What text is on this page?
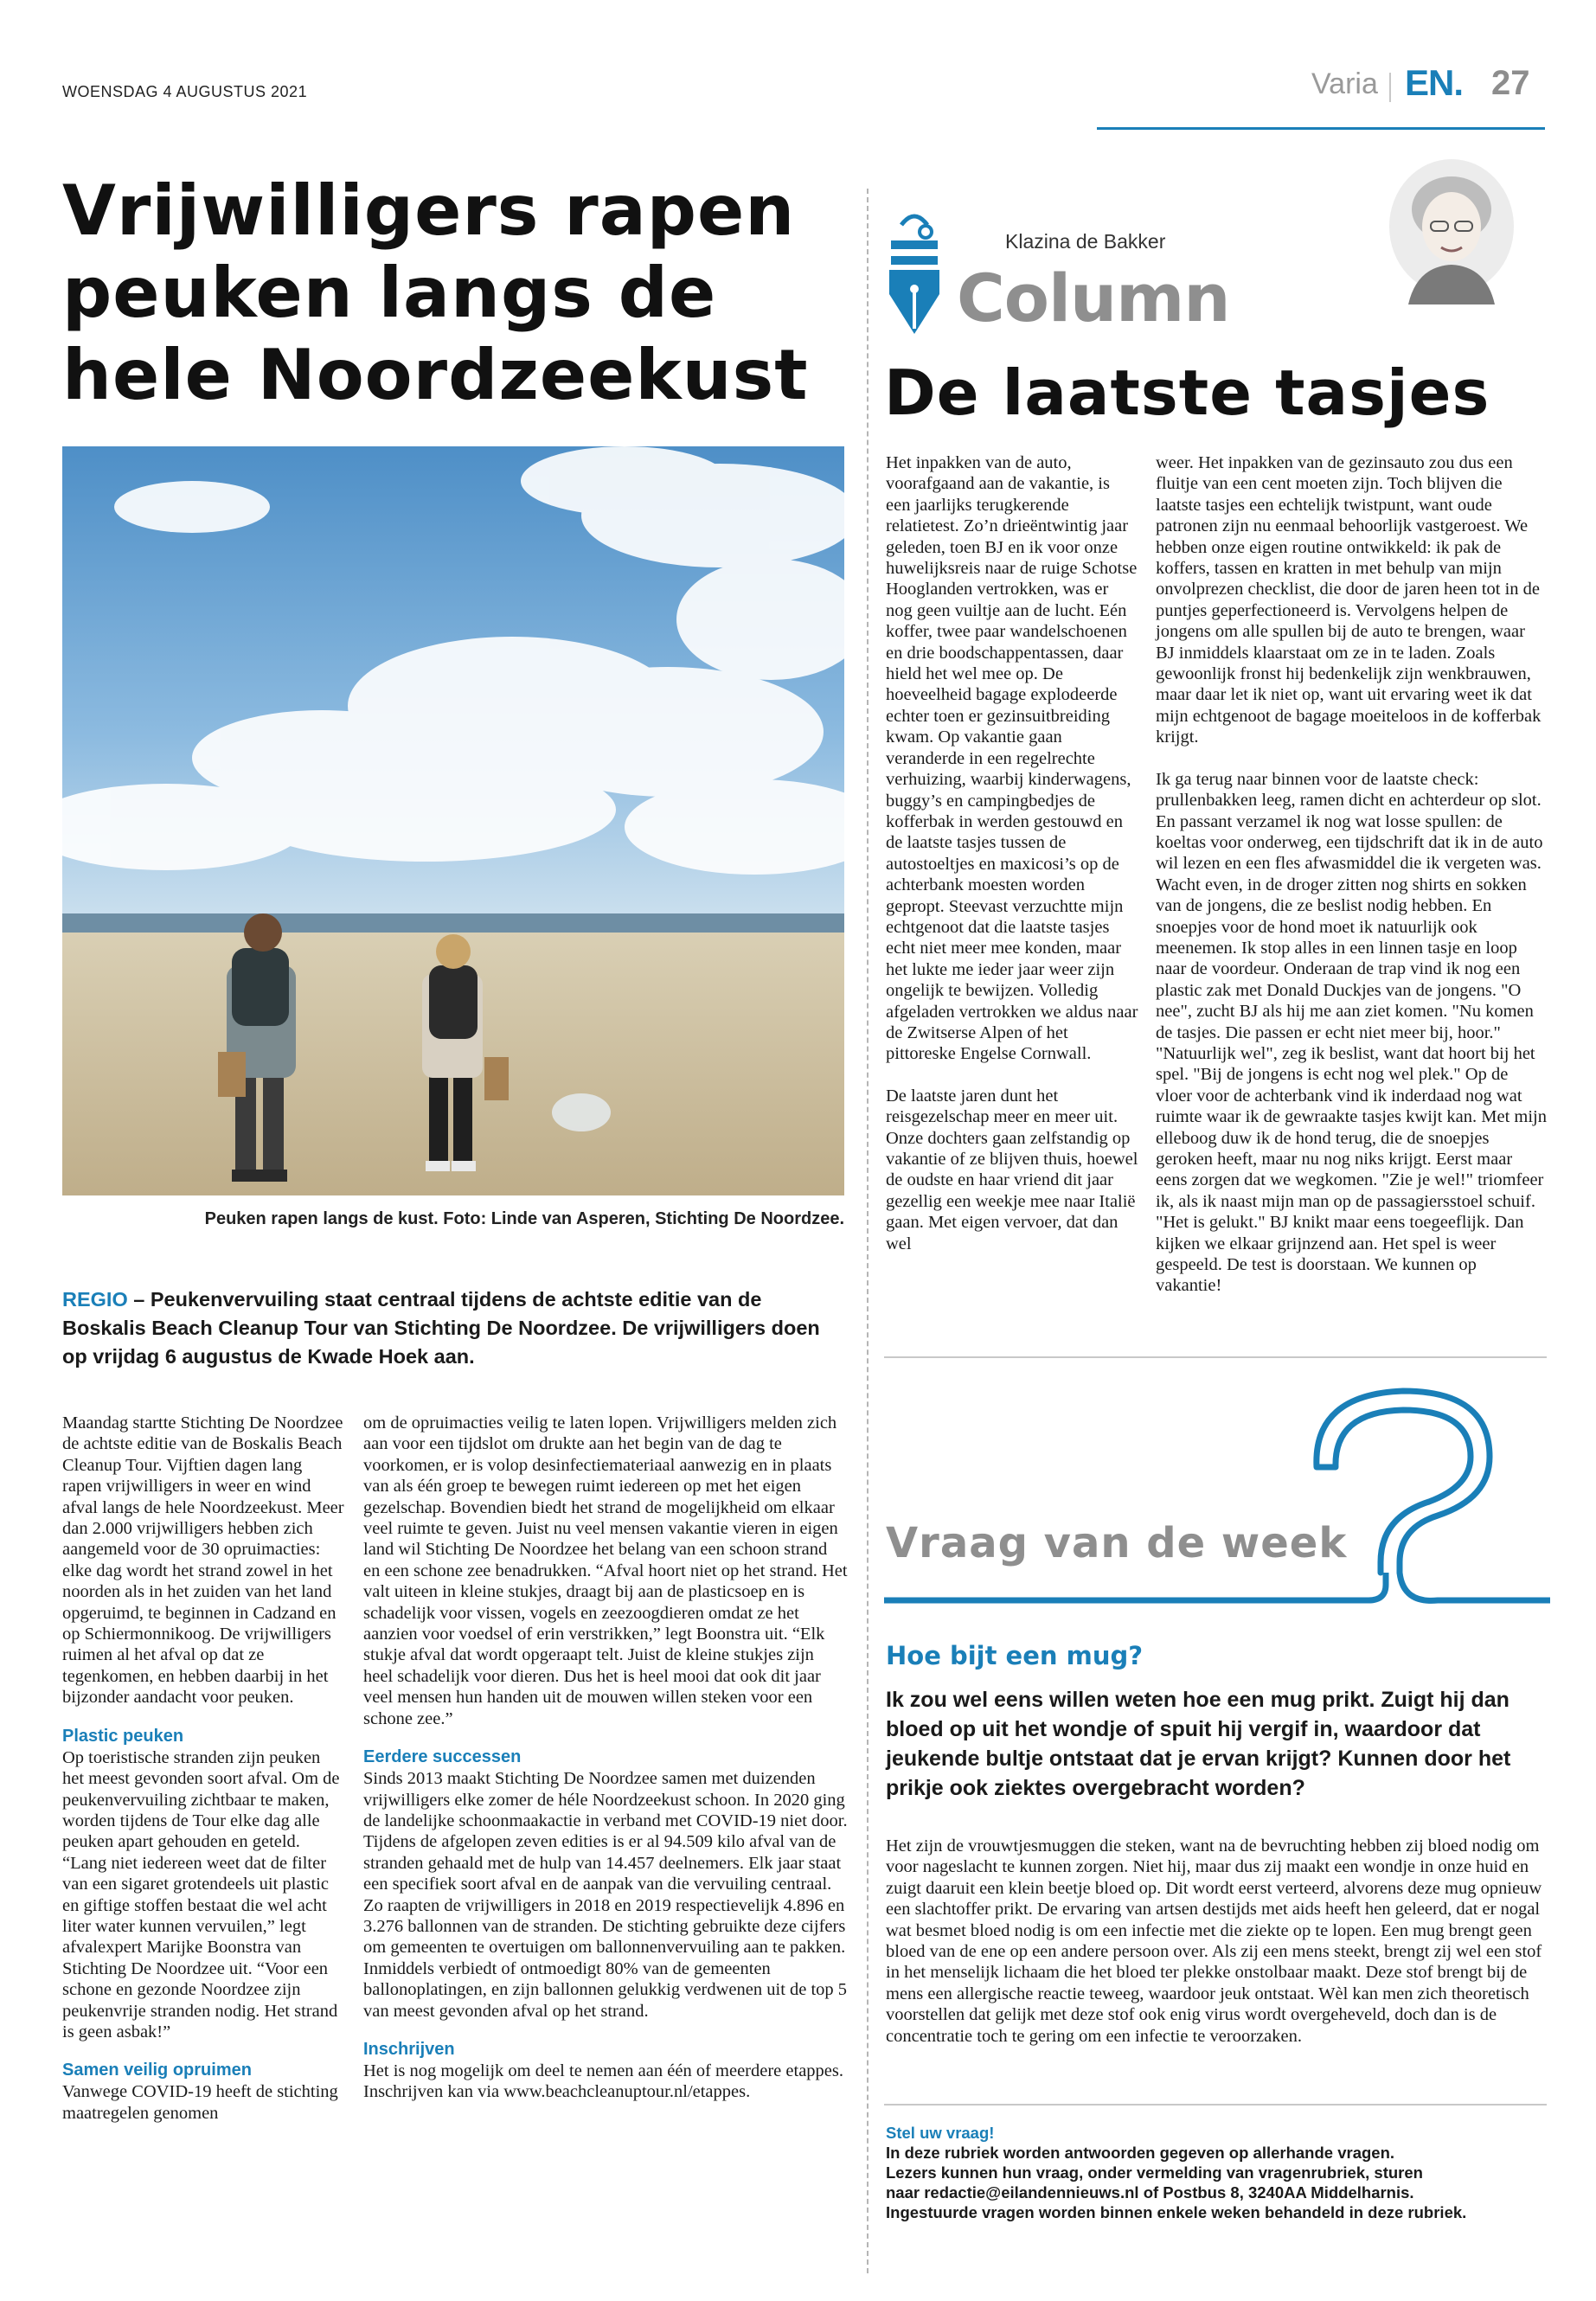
WOENSDAG 4 AUGUSTUS 2021	Varia EN. 27
Vrijwilligers rapen peuken langs de hele Noordzeekust
Peuken rapen langs de kust. Foto: Linde van Asperen, Stichting De Noordzee.
REGIO – Peukenvervuiling staat centraal tijdens de achtste editie van de Boskalis Beach Cleanup Tour van Stichting De Noordzee. De vrijwilligers doen op vrijdag 6 augustus de Kwade Hoek aan.

Maandag startte Stichting De Noordzee de achtste editie van de Boskalis Beach Cleanup Tour. Vijftien dagen lang rapen vrijwilligers in weer en wind afval langs de hele Noordzeekust. Meer dan 2.000 vrijwilligers hebben zich aangemeld voor de 30 opruimacties: elke dag wordt het strand zowel in het noorden als in het zuiden van het land opgeruimd, te beginnen in Cadzand en op Schiermonnikoog. De vrijwilligers ruimen al het afval op dat ze tegenkomen, en hebben daarbij in het bijzonder aandacht voor peuken.

Plastic peuken

Op toeristische stranden zijn peuken het meest gevonden soort afval. Om de peukenvervuiling zichtbaar te maken, worden tijdens de Tour elke dag alle peuken apart gehouden en geteld. “Lang niet iedereen weet dat de filter van een sigaret grotendeels uit plastic en giftige stoffen bestaat die wel acht liter water kunnen vervuilen,” legt afvalexpert Marijke Boonstra van Stichting De Noordzee uit. “Voor een schone en gezonde Noordzee zijn peukenvrije stranden nodig. Het strand is geen asbak!”

Samen veilig opruimen

Vanwege COVID-19 heeft de stichting maatregelen genomen

om de opruimacties veilig te laten lopen. Vrijwilligers melden zich aan voor een tijdslot om drukte aan het begin van de dag te voorkomen, er is volop desinfectiemateriaal aanwezig en in plaats van als één groep te bewegen ruimt iedereen op met het eigen gezelschap. Bovendien biedt het strand de mogelijkheid om elkaar veel ruimte te geven. Juist nu veel mensen vakantie vieren in eigen land wil Stichting De Noordzee het belang van een schoon strand en een schone zee benadrukken. “Afval hoort niet op het strand. Het valt uiteen in kleine stukjes, draagt bij aan de plasticsoep en is schadelijk voor vissen, vogels en zeezoogdieren omdat ze het aanzien voor voedsel of erin verstrikken,” legt Boonstra uit. “Elk stukje afval dat wordt opgeraapt telt. Juist de kleine stukjes zijn heel schadelijk voor dieren. Dus het is heel mooi dat ook dit jaar veel mensen hun handen uit de mouwen willen steken voor een schone zee.”

Eerdere successen

Sinds 2013 maakt Stichting De Noordzee samen met duizenden vrijwilligers elke zomer de héle Noordzeekust schoon. In 2020 ging de landelijke schoonmaakactie in verband met COVID-19 niet door. Tijdens de afgelopen zeven edities is er al 94.509 kilo afval van de stranden gehaald met de hulp van 14.457 deelnemers. Elk jaar staat een specifiek soort afval en de aanpak van die vervuiling centraal. Zo raapten de vrijwilligers in 2018 en 2019 respectievelijk 4.896 en 3.276 ballonnen van de stranden. De stichting gebruikte deze cijfers om gemeenten te overtuigen om ballonnenvervuiling aan te pakken. Inmiddels verbiedt of ontmoedigt 80% van de gemeenten ballonoplatingen, en zijn ballonnen gelukkig verdwenen uit de top 5 van meest gevonden afval op het strand.

Inschrijven

Het is nog mogelijk om deel te nemen aan één of meerdere etappes. Inschrijven kan via www.beachcleanuptour.nl/etappes.

Klazina de Bakker
Column
De laatste tasjes

Het inpakken van de auto, voorafgaand aan de vakantie, is een jaarlijks terugkerende relatietest. Zo’n drieëntwintig jaar geleden, toen BJ en ik voor onze huwelijksreis naar de ruige Schotse Hooglanden vertrokken, was er nog geen vuiltje aan de lucht. Eén koffer, twee paar wandelschoenen en drie boodschappentassen, daar hield het wel mee op. De hoeveelheid bagage explodeerde echter toen er gezinsuitbreiding kwam. Op vakantie gaan veranderde in een regelrechte verhuizing, waarbij kinderwagens, buggy’s en campingbedjes de kofferbak in werden gestouwd en de laatste tasjes tussen de autostoeltjes en maxicosi’s op de achterbank moesten worden gepropt. Steevast verzuchtte mijn echtgenoot dat die laatste tasjes echt niet meer mee konden, maar het lukte me ieder jaar weer zijn ongelijk te bewijzen. Volledig afgeladen vertrokken we aldus naar de Zwitserse Alpen of het pittoreske Engelse Cornwall.

De laatste jaren dunt het reisgezelschap meer en meer uit. Onze dochters gaan zelfstandig op vakantie of ze blijven thuis, hoewel de oudste en haar vriend dit jaar gezellig een weekje mee naar Italië gaan. Met eigen vervoer, dat dan wel

weer. Het inpakken van de gezinsauto zou dus een fluitje van een cent moeten zijn. Toch blijven die laatste tasjes een echtelijk twistpunt, want oude patronen zijn nu eenmaal behoorlijk vastgeroest. We hebben onze eigen routine ontwikkeld: ik pak de koffers, tassen en kratten in met behulp van mijn onvolprezen checklist, die door de jaren heen tot in de puntjes geperfectioneerd is. Vervolgens helpen de jongens om alle spullen bij de auto te brengen, waar BJ inmiddels klaarstaat om ze in te laden. Zoals gewoonlijk fronst hij bedenkelijk zijn wenkbrauwen, maar daar let ik niet op, want uit ervaring weet ik dat mijn echtgenoot de bagage moeiteloos in de kofferbak krijgt.

Ik ga terug naar binnen voor de laatste check: prullenbakken leeg, ramen dicht en achterdeur op slot. En passant verzamel ik nog wat losse spullen: de koeltas voor onderweg, een tijdschrift dat ik in de auto wil lezen en een fles afwasmiddel die ik vergeten was. Wacht even, in de droger zitten nog shirts en sokken van de jongens, die ze beslist nodig hebben. En snoepjes voor de hond moet ik natuurlijk ook meenemen. Ik stop alles in een linnen tasje en loop naar de voordeur. Onderaan de trap vind ik nog een plastic zak met Donald Duckjes van de jongens. "O nee", zucht BJ als hij me aan ziet komen. "Nu komen de tasjes. Die passen er echt niet meer bij, hoor." "Natuurlijk wel", zeg ik beslist, want dat hoort bij het spel. "Bij de jongens is echt nog wel plek." Op de vloer voor de achterbank vind ik inderdaad nog wat ruimte waar ik de gewraakte tasjes kwijt kan. Met mijn elleboog duw ik de hond terug, die de snoepjes geroken heeft, maar nu nog niks krijgt. Eerst maar eens zorgen dat we wegkomen. "Zie je wel!" triomfeer ik, als ik naast mijn man op de passagiersstoel schuif. "Het is gelukt." BJ knikt maar eens toegeeflijk. Dan kijken we elkaar grijnzend aan. Het spel is weer gespeeld. De test is doorstaan. We kunnen op vakantie!

Vraag van de week
Hoe bijt een mug?
Ik zou wel eens willen weten hoe een mug prikt. Zuigt hij dan bloed op uit het wondje of spuit hij vergif in, waardoor dat jeukende bultje ontstaat dat je ervan krijgt? Kunnen door het prikje ook ziektes overgebracht worden?

Het zijn de vrouwtjesmuggen die steken, want na de bevruchting hebben zij bloed nodig om voor nageslacht te kunnen zorgen. Niet hij, maar dus zij maakt een wondje in onze huid en zuigt daaruit een klein beetje bloed op. Dit wordt eerst verteerd, alvorens deze mug opnieuw een slachtoffer prikt. De ervaring van artsen destijds met aids heeft hen geleerd, dat er nogal wat besmet bloed nodig is om een infectie met die ziekte op te lopen. Een mug brengt geen bloed van de ene op een andere persoon over. Als zij een mens steekt, brengt zij wel een stof in het menselijk lichaam die het bloed ter plekke onstolbaar maakt. Deze stof brengt bij de mens een allergische reactie teweeg, waardoor jeuk ontstaat. Wèl kan men zich theoretisch voorstellen dat gelijk met deze stof ook enig virus wordt overgeheveld, doch dan is de concentratie toch te gering om een infectie te veroorzaken.

Stel uw vraag!
In deze rubriek worden antwoorden gegeven op allerhande vragen.
Lezers kunnen hun vraag, onder vermelding van vragenrubriek, sturen
naar redactie@eilandennieuws.nl of Postbus 8, 3240AA Middelharnis.
Ingestuurde vragen worden binnen enkele weken behandeld in deze rubriek.
